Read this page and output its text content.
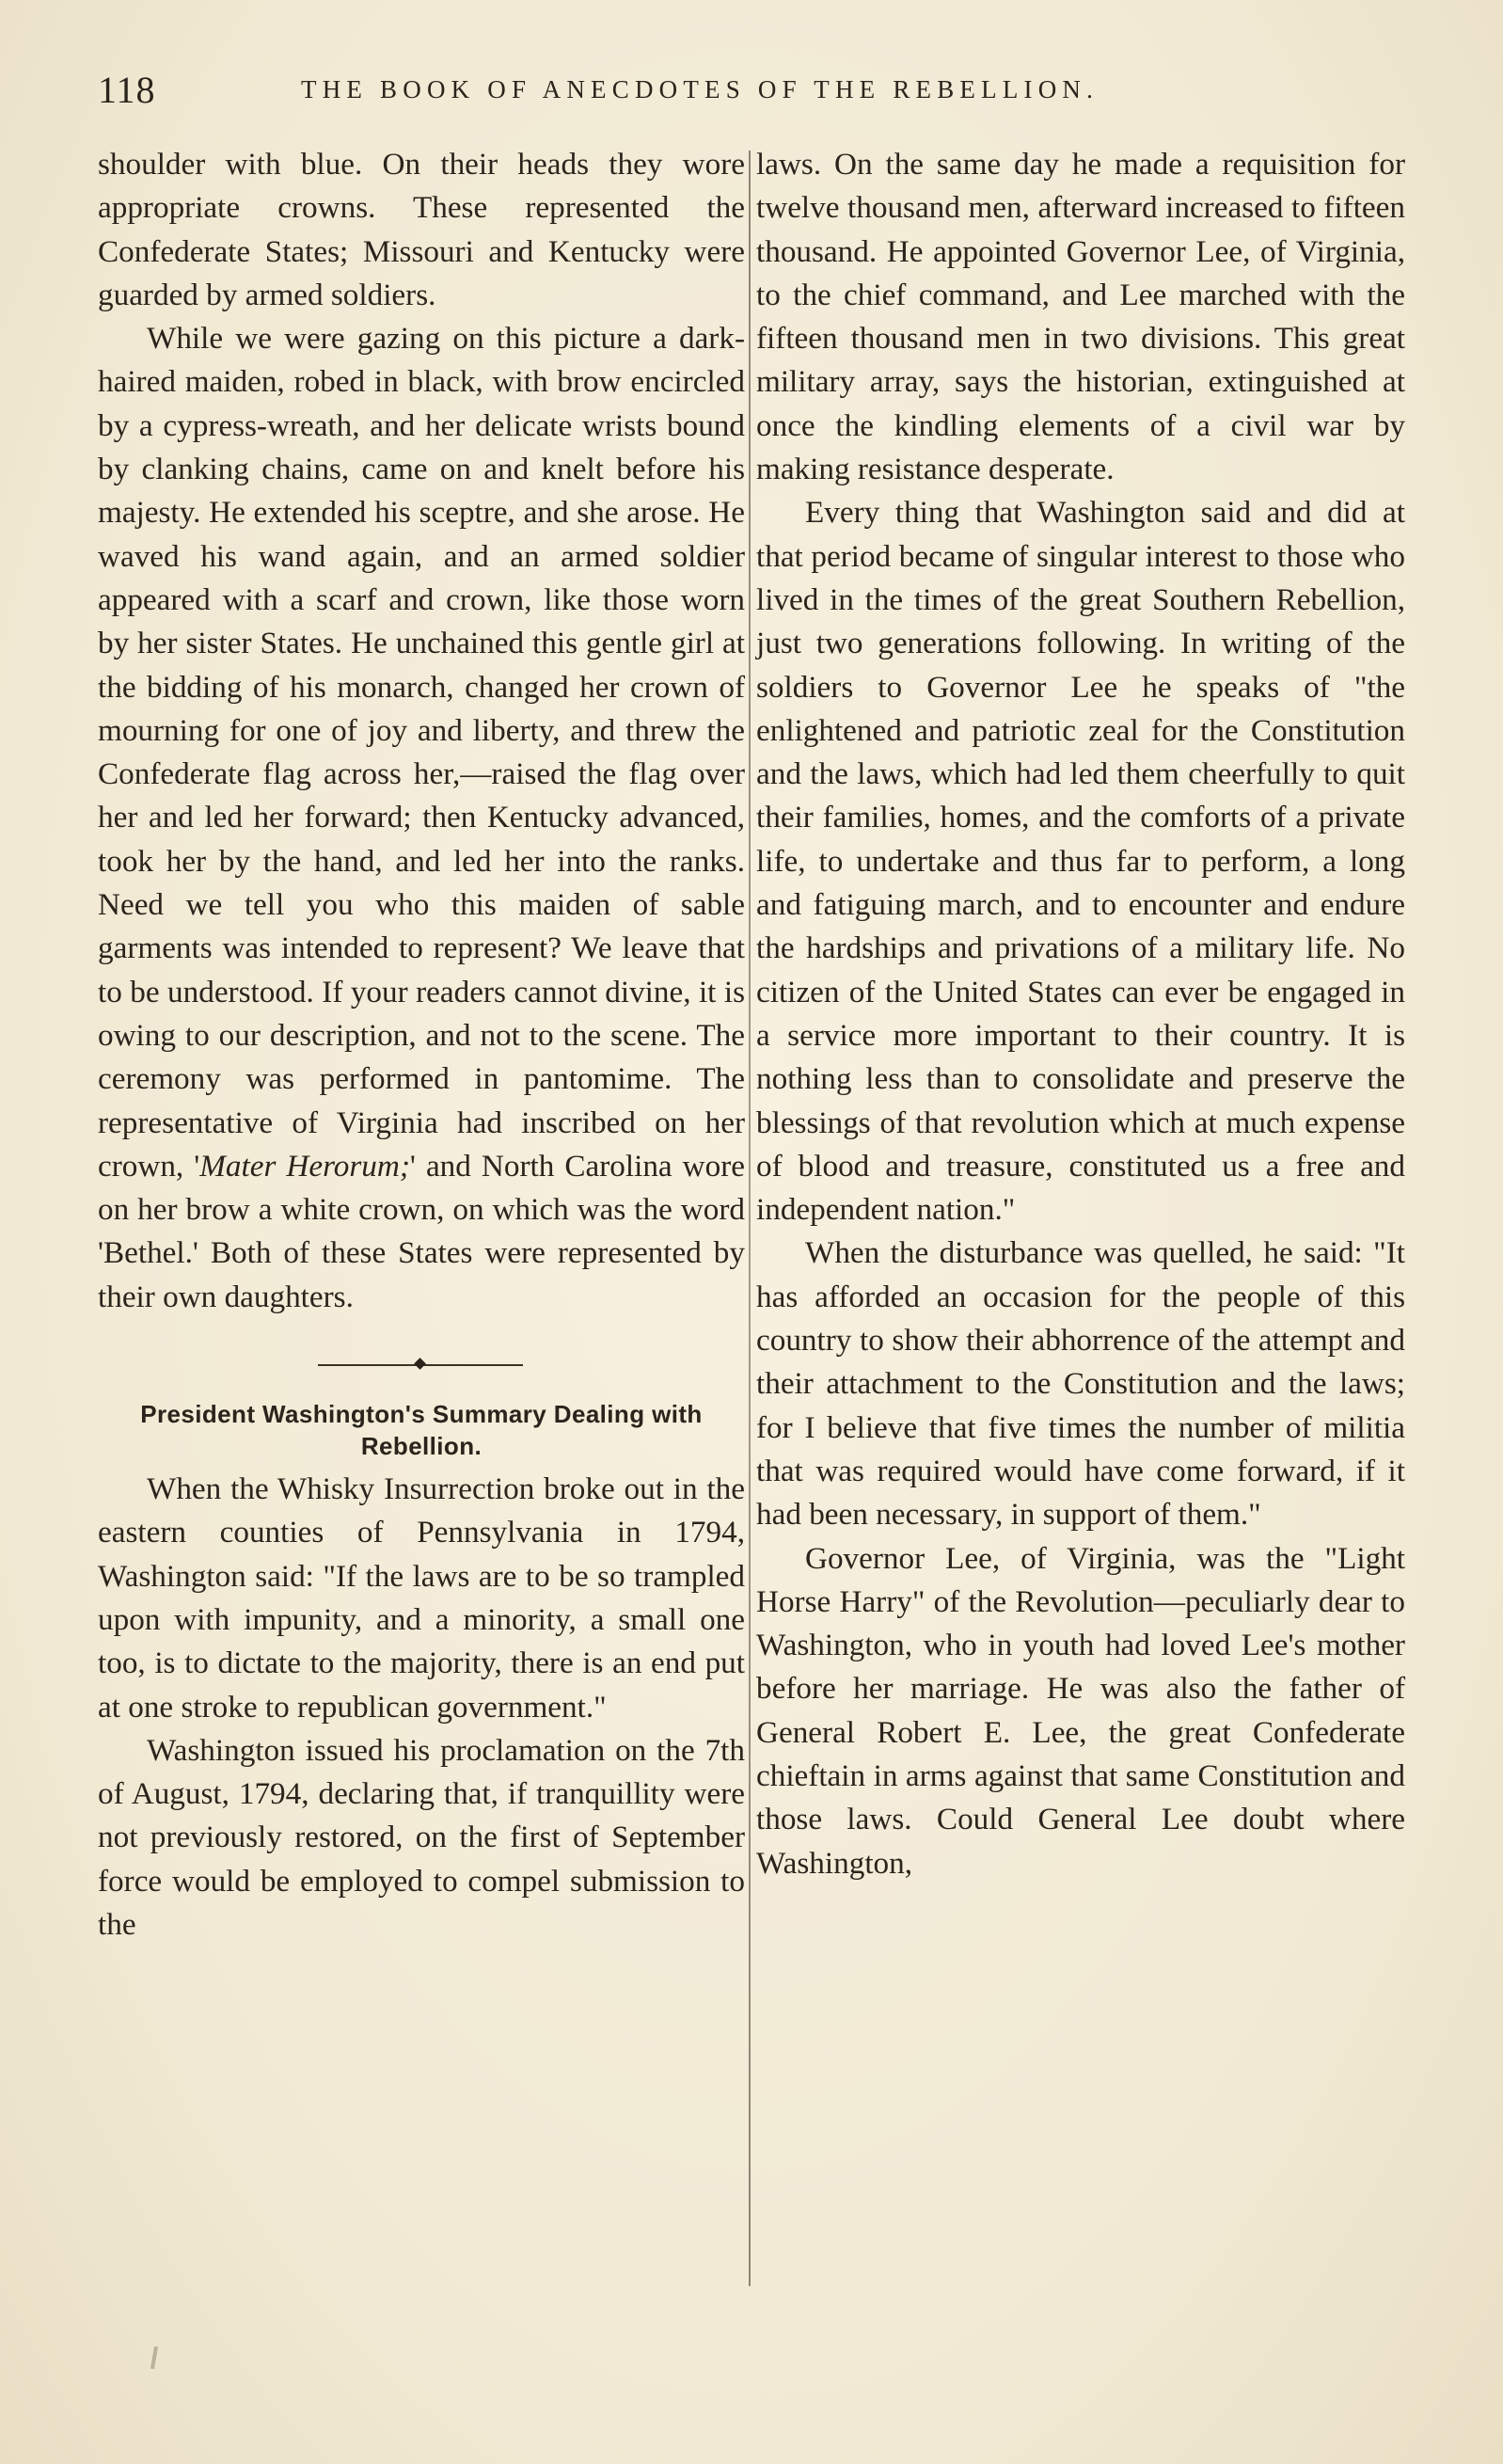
118	THE BOOK OF ANECDOTES OF THE REBELLION.

shoulder with blue. On their heads they wore appropriate crowns. These represented the Confederate States; Missouri and Kentucky were guarded by armed soldiers.

While we were gazing on this picture a dark-haired maiden, robed in black, with brow encircled by a cypress-wreath, and her delicate wrists bound by clanking chains, came on and knelt before his majesty. He extended his sceptre, and she arose. He waved his wand again, and an armed soldier appeared with a scarf and crown, like those worn by her sister States. He unchained this gentle girl at the bidding of his monarch, changed her crown of mourning for one of joy and liberty, and threw the Confederate flag across her,—raised the flag over her and led her forward; then Kentucky advanced, took her by the hand, and led her into the ranks. Need we tell you who this maiden of sable garments was intended to represent? We leave that to be understood. If your readers cannot divine, it is owing to our description, and not to the scene. The ceremony was performed in pantomime. The representative of Virginia had inscribed on her crown, 'Mater Herorum;' and North Carolina wore on her brow a white crown, on which was the word 'Bethel.' Both of these States were represented by their own daughters.

President Washington's Summary Dealing with Rebellion.

When the Whisky Insurrection broke out in the eastern counties of Pennsylvania in 1794, Washington said: "If the laws are to be so trampled upon with impunity, and a minority, a small one too, is to dictate to the majority, there is an end put at one stroke to republican government."

Washington issued his proclamation on the 7th of August, 1794, declaring that, if tranquillity were not previously restored, on the first of September force would be employed to compel submission to the

laws. On the same day he made a requisition for twelve thousand men, afterward increased to fifteen thousand. He appointed Governor Lee, of Virginia, to the chief command, and Lee marched with the fifteen thousand men in two divisions. This great military array, says the historian, extinguished at once the kindling elements of a civil war by making resistance desperate.

Every thing that Washington said and did at that period became of singular interest to those who lived in the times of the great Southern Rebellion, just two generations following. In writing of the soldiers to Governor Lee he speaks of "the enlightened and patriotic zeal for the Constitution and the laws, which had led them cheerfully to quit their families, homes, and the comforts of a private life, to undertake and thus far to perform, a long and fatiguing march, and to encounter and endure the hardships and privations of a military life. No citizen of the United States can ever be engaged in a service more important to their country. It is nothing less than to consolidate and preserve the blessings of that revolution which at much expense of blood and treasure, constituted us a free and independent nation."

When the disturbance was quelled, he said: "It has afforded an occasion for the people of this country to show their abhorrence of the attempt and their attachment to the Constitution and the laws; for I believe that five times the number of militia that was required would have come forward, if it had been necessary, in support of them."

Governor Lee, of Virginia, was the "Light Horse Harry" of the Revolution—peculiarly dear to Washington, who in youth had loved Lee's mother before her marriage. He was also the father of General Robert E. Lee, the great Confederate chieftain in arms against that same Constitution and those laws. Could General Lee doubt where Washington,
